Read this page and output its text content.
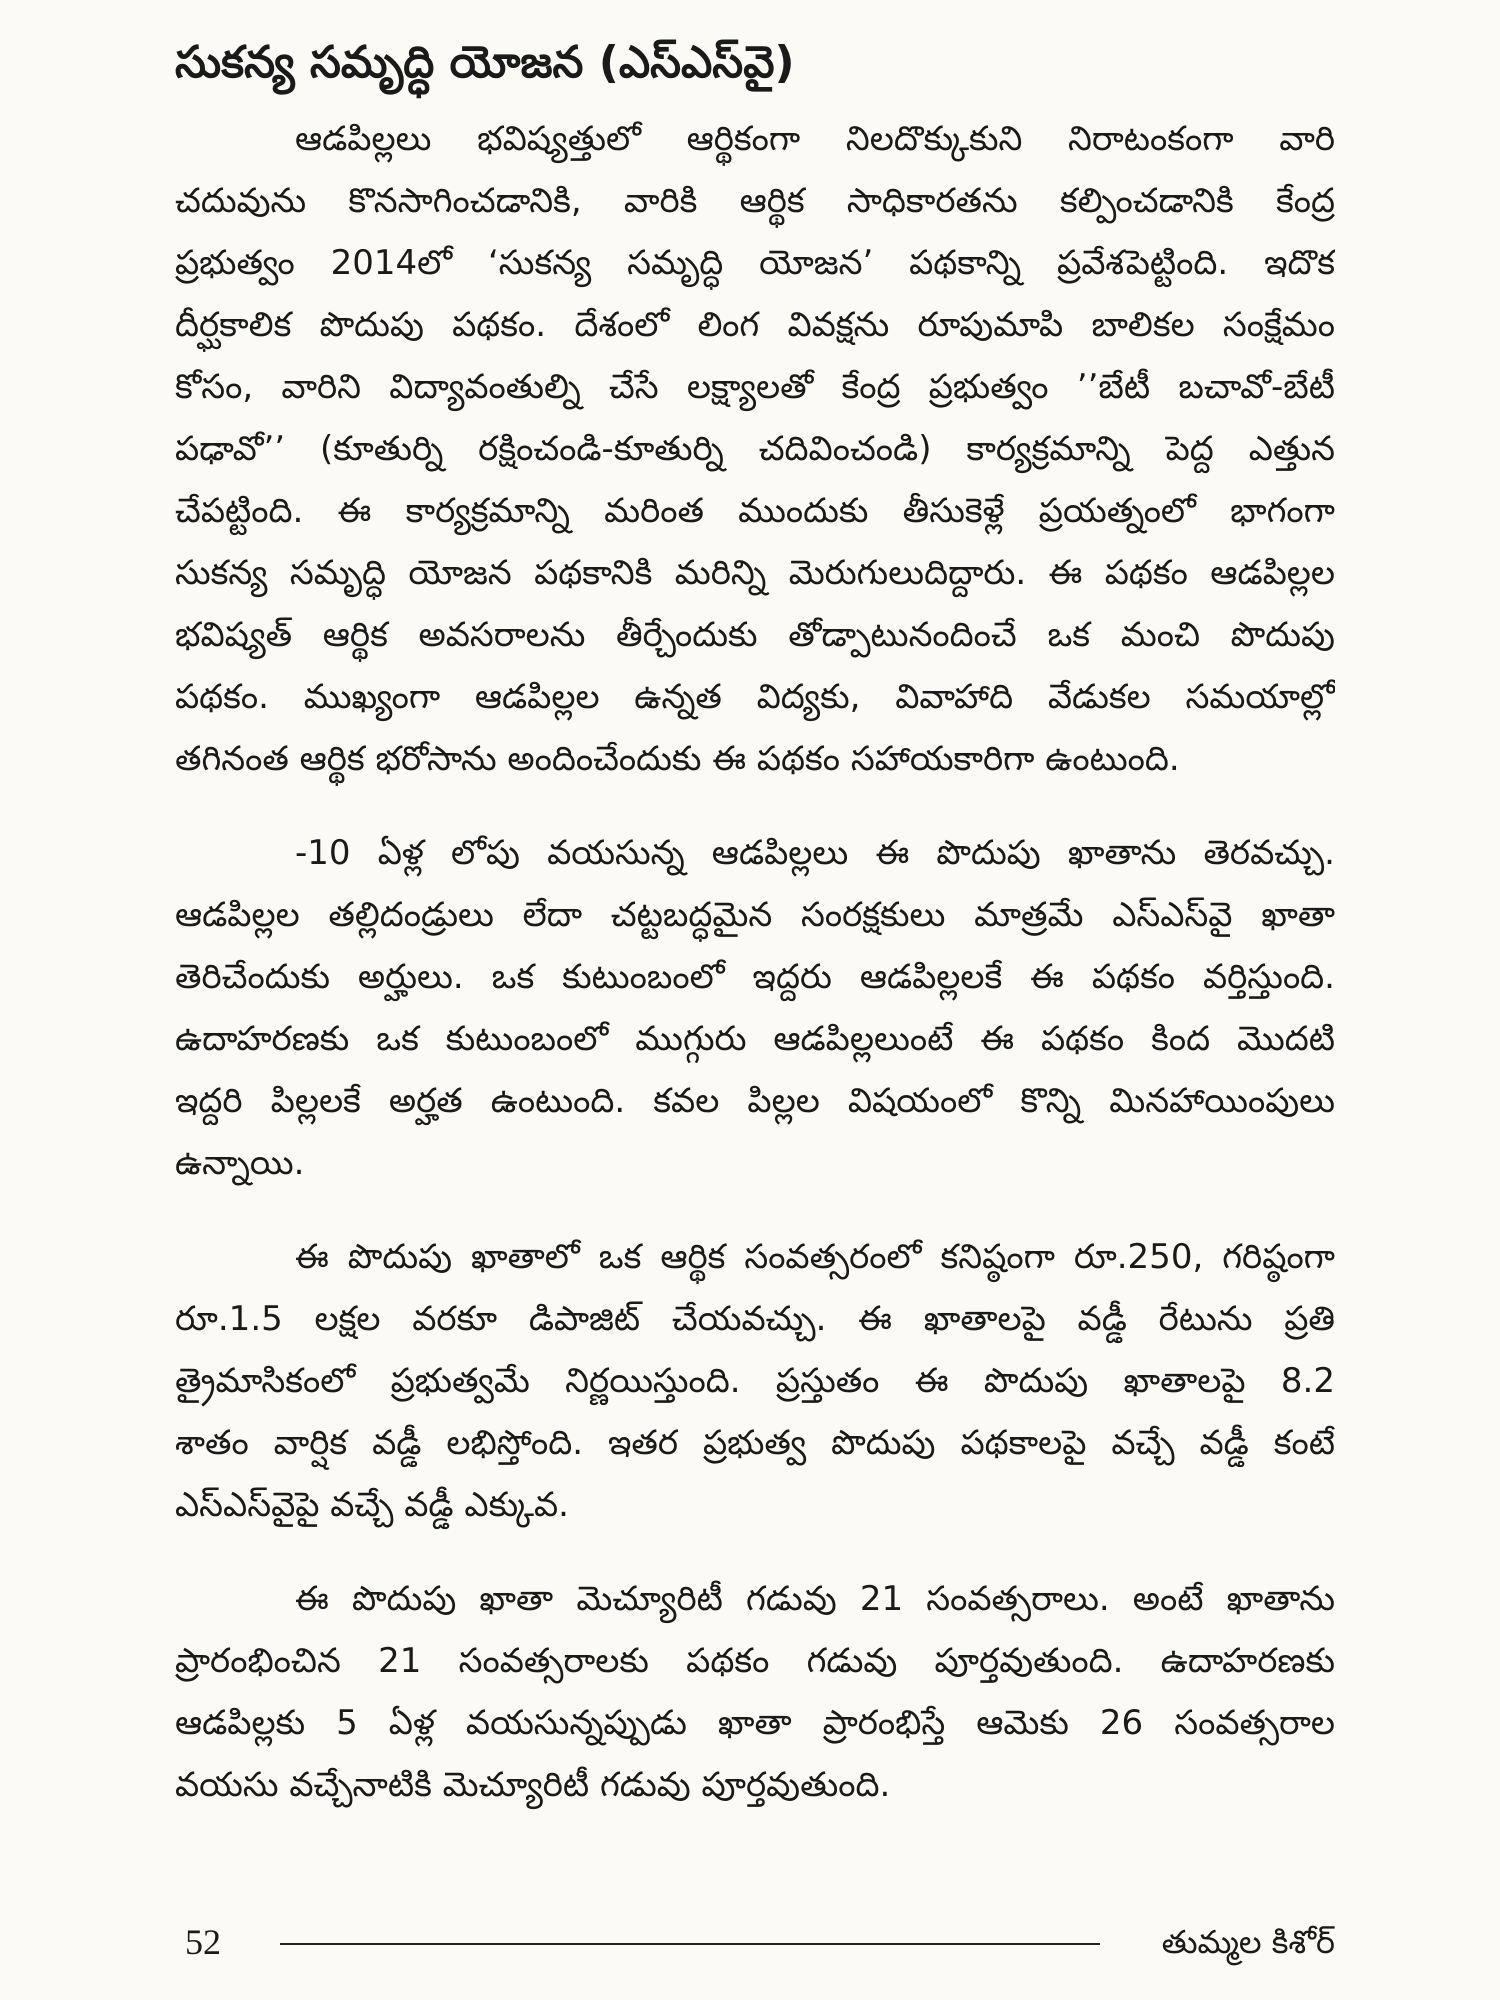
సుకన్య సమృద్ధి యోజన (ఎస్‌ఎస్‌వై)
ఆడపిల్లలు భవిష్యత్తులో ఆర్థికంగా నిలదొక్కుకుని నిరాటంకంగా వారి
చదువును కొనసాగించడానికి, వారికి ఆర్థిక సాధికారతను కల్పించడానికి కేంద్ర
ప్రభుత్వం 2014లో ‘సుకన్య సమృద్ధి యోజన’ పథకాన్ని ప్రవేశపెట్టింది. ఇదొక
దీర్ఘకాలిక పొదుపు పథకం. దేశంలో లింగ వివక్షను రూపుమాపి బాలికల సంక్షేమం
కోసం, వారిని విద్యావంతుల్ని చేసే లక్ష్యాలతో కేంద్ర ప్రభుత్వం ’’బేటీ బచావో-బేటీ
పఢావో’’ (కూతుర్ని రక్షించండి-కూతుర్ని చదివించండి) కార్యక్రమాన్ని పెద్ద ఎత్తున
చేపట్టింది. ఈ కార్యక్రమాన్ని మరింత ముందుకు తీసుకెళ్లే ప్రయత్నంలో భాగంగా
సుకన్య సమృద్ధి యోజన పథకానికి మరిన్ని మెరుగులుదిద్దారు. ఈ పథకం ఆడపిల్లల
భవిష్యత్ ఆర్థిక అవసరాలను తీర్చేందుకు తోడ్పాటునందించే ఒక మంచి పొదుపు
పథకం. ముఖ్యంగా ఆడపిల్లల ఉన్నత విద్యకు, వివాహాది వేడుకల సమయాల్లో
తగినంత ఆర్థిక భరోసాను అందించేందుకు ఈ పథకం సహాయకారిగా ఉంటుంది.
-10 ఏళ్ల లోపు వయసున్న ఆడపిల్లలు ఈ పొదుపు ఖాతాను తెరవచ్చు.
ఆడపిల్లల తల్లిదండ్రులు లేదా చట్టబద్ధమైన సంరక్షకులు మాత్రమే ఎస్‌ఎస్‌వై ఖాతా
తెరిచేందుకు అర్హులు. ఒక కుటుంబంలో ఇద్దరు ఆడపిల్లలకే ఈ పథకం వర్తిస్తుంది.
ఉదాహరణకు ఒక కుటుంబంలో ముగ్గురు ఆడపిల్లలుంటే ఈ పథకం కింద మొదటి
ఇద్దరి పిల్లలకే అర్హత ఉంటుంది. కవల పిల్లల విషయంలో కొన్ని మినహాయింపులు
ఉన్నాయి.
ఈ పొదుపు ఖాతాలో ఒక ఆర్థిక సంవత్సరంలో కనిష్ఠంగా రూ.250, గరిష్ఠంగా
రూ.1.5 లక్షల వరకూ డిపాజిట్ చేయవచ్చు. ఈ ఖాతాలపై వడ్డీ రేటును ప్రతి
త్రైమాసికంలో ప్రభుత్వమే నిర్ణయిస్తుంది. ప్రస్తుతం ఈ పొదుపు ఖాతాలపై 8.2
శాతం వార్షిక వడ్డీ లభిస్తోంది. ఇతర ప్రభుత్వ పొదుపు పథకాలపై వచ్చే వడ్డీ కంటే
ఎస్‌ఎస్‌వైపై వచ్చే వడ్డీ ఎక్కువ.
ఈ పొదుపు ఖాతా మెచ్యూరిటీ గడువు 21 సంవత్సరాలు. అంటే ఖాతాను
ప్రారంభించిన 21 సంవత్సరాలకు పథకం గడువు పూర్తవుతుంది. ఉదాహరణకు
ఆడపిల్లకు 5 ఏళ్ల వయసున్నప్పుడు ఖాతా ప్రారంభిస్తే ఆమెకు 26 సంవత్సరాల
వయసు వచ్చేనాటికి మెచ్యూరిటీ గడువు పూర్తవుతుంది.
52	తుమ్మల కిశోర్
